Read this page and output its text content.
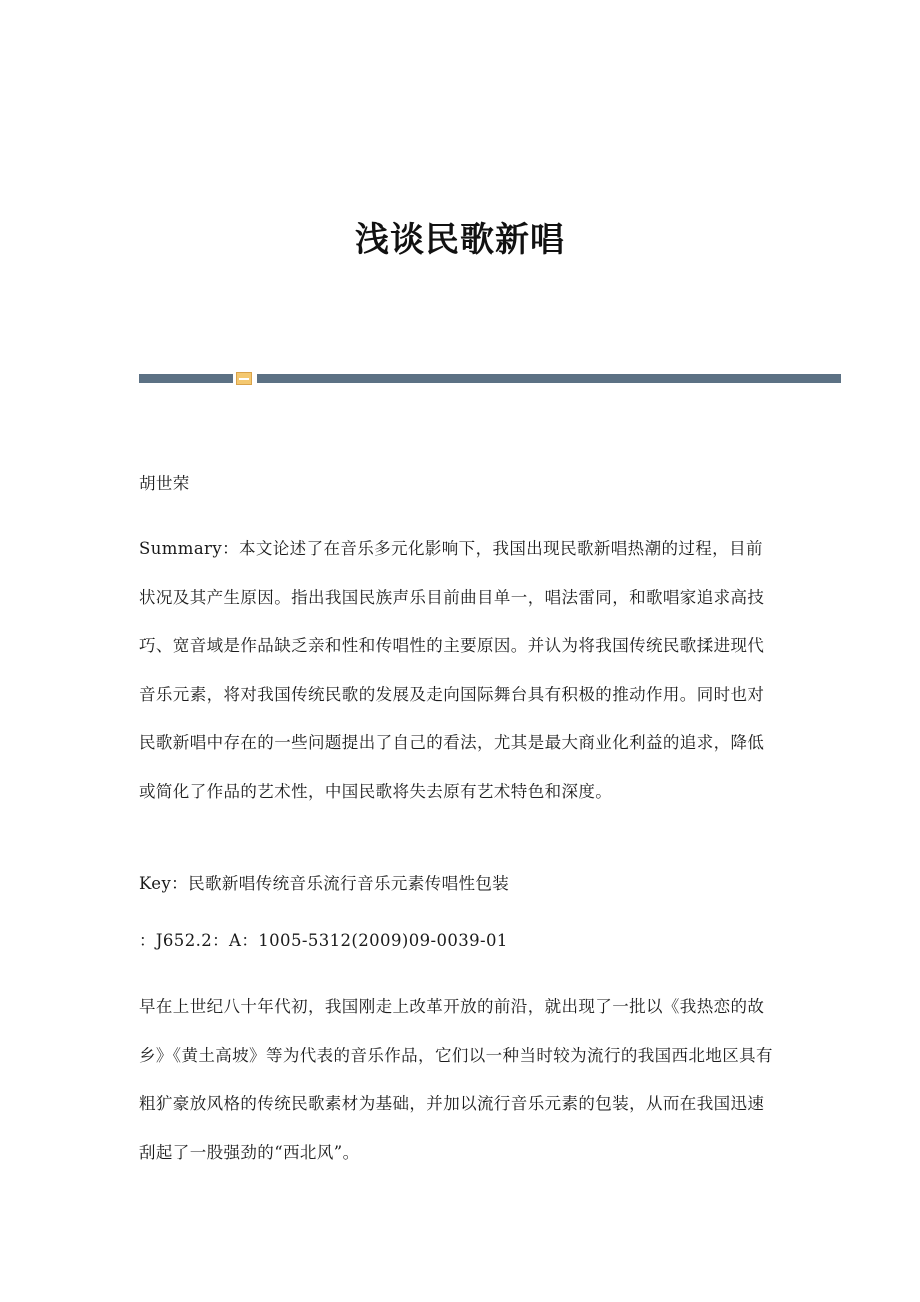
浅谈民歌新唱
胡世荣
Summary：本文论述了在音乐多元化影响下，我国出现民歌新唱热潮的过程，目前状况及其产生原因。指出我国民族声乐目前曲目单一，唱法雷同，和歌唱家追求高技巧、宽音域是作品缺乏亲和性和传唱性的主要原因。并认为将我国传统民歌揉进现代音乐元素，将对我国传统民歌的发展及走向国际舞台具有积极的推动作用。同时也对民歌新唱中存在的一些问题提出了自己的看法，尤其是最大商业化利益的追求，降低或简化了作品的艺术性，中国民歌将失去原有艺术特色和深度。
Key：民歌新唱传统音乐流行音乐元素传唱性包装
：J652.2：A：1005-5312(2009)09-0039-01
早在上世纪八十年代初，我国刚走上改革开放的前沿，就出现了一批以《我热恋的故乡》《黄土高坡》等为代表的音乐作品，它们以一种当时较为流行的我国西北地区具有粗犷豪放风格的传统民歌素材为基础，并加以流行音乐元素的包装，从而在我国迅速刮起了一股强劲的“西北风”。
